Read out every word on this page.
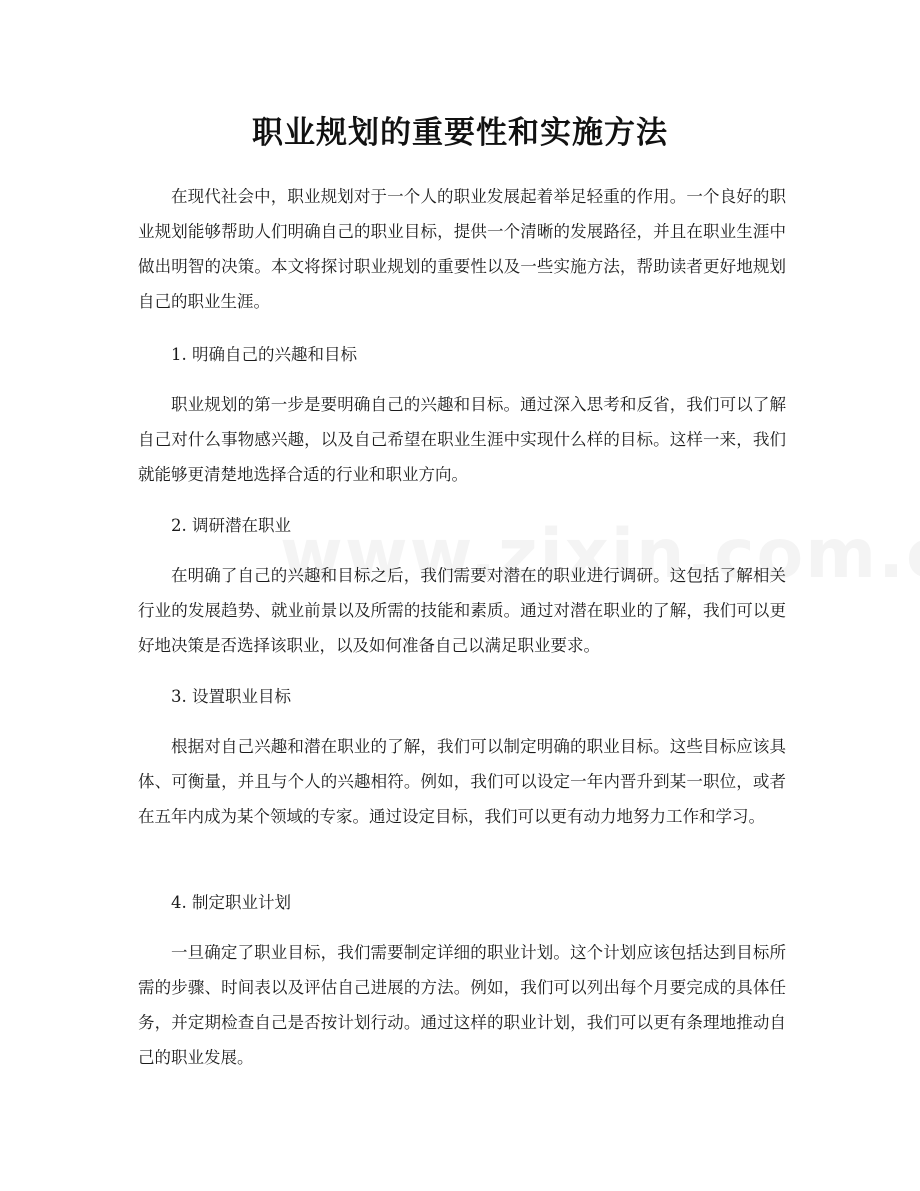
职业规划的重要性和实施方法
在现代社会中，职业规划对于一个人的职业发展起着举足轻重的作用。一个良好的职业规划能够帮助人们明确自己的职业目标，提供一个清晰的发展路径，并且在职业生涯中做出明智的决策。本文将探讨职业规划的重要性以及一些实施方法，帮助读者更好地规划自己的职业生涯。
1. 明确自己的兴趣和目标
职业规划的第一步是要明确自己的兴趣和目标。通过深入思考和反省，我们可以了解自己对什么事物感兴趣，以及自己希望在职业生涯中实现什么样的目标。这样一来，我们就能够更清楚地选择合适的行业和职业方向。
2. 调研潜在职业
在明确了自己的兴趣和目标之后，我们需要对潜在的职业进行调研。这包括了解相关行业的发展趋势、就业前景以及所需的技能和素质。通过对潜在职业的了解，我们可以更好地决策是否选择该职业，以及如何准备自己以满足职业要求。
3. 设置职业目标
根据对自己兴趣和潜在职业的了解，我们可以制定明确的职业目标。这些目标应该具体、可衡量，并且与个人的兴趣相符。例如，我们可以设定一年内晋升到某一职位，或者在五年内成为某个领域的专家。通过设定目标，我们可以更有动力地努力工作和学习。
4. 制定职业计划
一旦确定了职业目标，我们需要制定详细的职业计划。这个计划应该包括达到目标所需的步骤、时间表以及评估自己进展的方法。例如，我们可以列出每个月要完成的具体任务，并定期检查自己是否按计划行动。通过这样的职业计划，我们可以更有条理地推动自己的职业发展。
